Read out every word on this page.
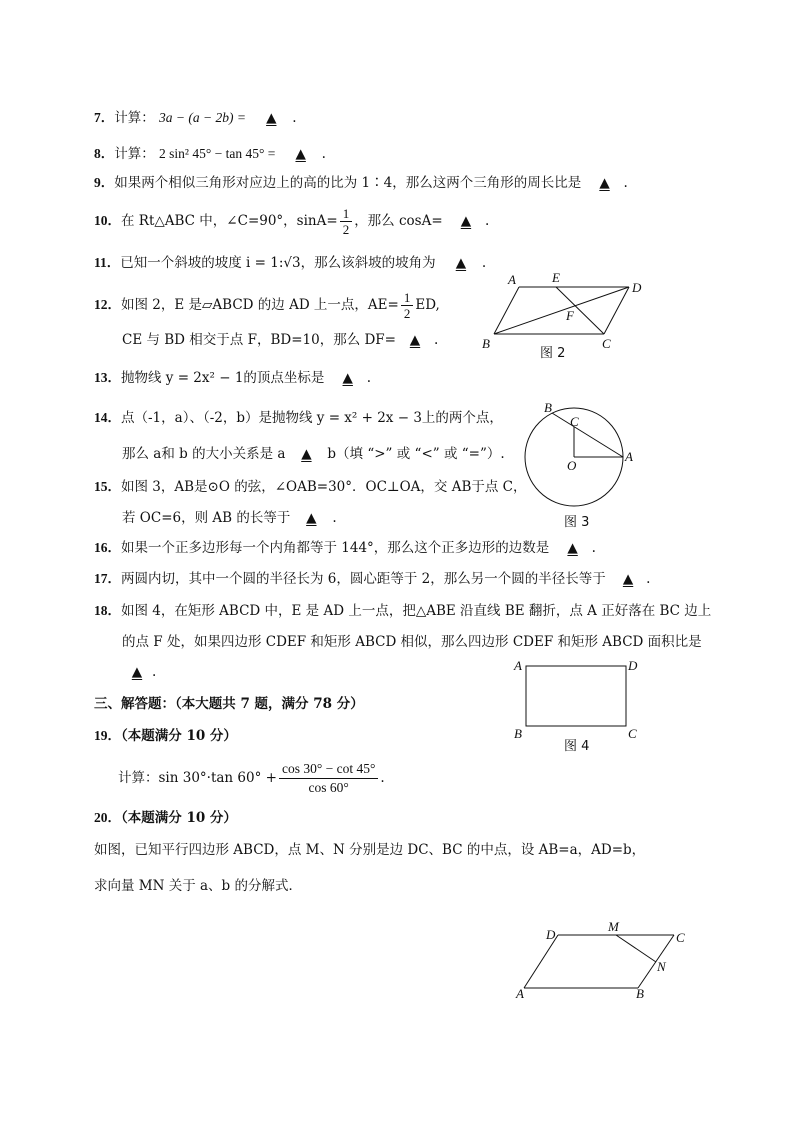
7．计算： 3a − (a − 2b) = ▲ .
8．计算： 2 sin² 45° − tan 45° = ▲ .
9．如果两个相似三角形对应边上的高的比为 1∶4，那么这两个三角形的周长比是 ▲ .
10．在 Rt△ABC 中，∠C=90°，$\sin A= \frac{1}{2}$ ，那么 cosA= ▲ .
11．已知一个斜坡的坡度 i = 1:√3，那么该斜坡的坡角为 ▲ .
12．如图 2，E 是▱ABCD 的边 AD 上一点，$AE= \frac{1}{2}$ ED,
CE 与 BD 相交于点 F，BD=10，那么 DF= ▲ .
A	E
D
F
B	C
图 2
13．抛物线 y = 2x² − 1的顶点坐标是 ▲ .
14．点（-1，a）、（-2，b）是抛物线 y = x² + 2x − 3上的两个点，
那么 a和 b 的大小关系是 a ▲ b（填 “>” 或 “<” 或 “=”）.
B
C
O
A
图 3
15．如图 3，AB是⊙O 的弦，∠OAB=30°．OC⊥OA，交 AB于点 C，
若 OC=6，则 AB 的长等于 ▲ .
16．如果一个正多边形每一个内角都等于 144°，那么这个正多边形的边数是 ▲ .
17．两圆内切，其中一个圆的半径长为 6，圆心距等于 2，那么另一个圆的半径长等于 ▲ .
18．如图 4，在矩形 ABCD 中，E 是 AD 上一点，把△ABE 沿直线 BE 翻折，点 A 正好落在 BC 边上
的点 F 处，如果四边形 CDEF 和矩形 ABCD 相似，那么四边形 CDEF 和矩形 ABCD 面积比是
▲ .	A	D
B	C
图 4
三、解答题：（本大题共 7 题，满分 78 分）
19．（本题满分 10 分）
计算：sin 30°·tan $60^\circ + \frac{\cos 30^\circ - \cot 45^\circ}{\cos 60^\circ}$ .
20．（本题满分 10 分）
如图，已知平行四边形 ABCD，点 M、N 分别是边 DC、BC 的中点，设 AB=a，AD=b，
求向量 MN 关于 a、b 的分解式．
D
M
C
N
A	B
